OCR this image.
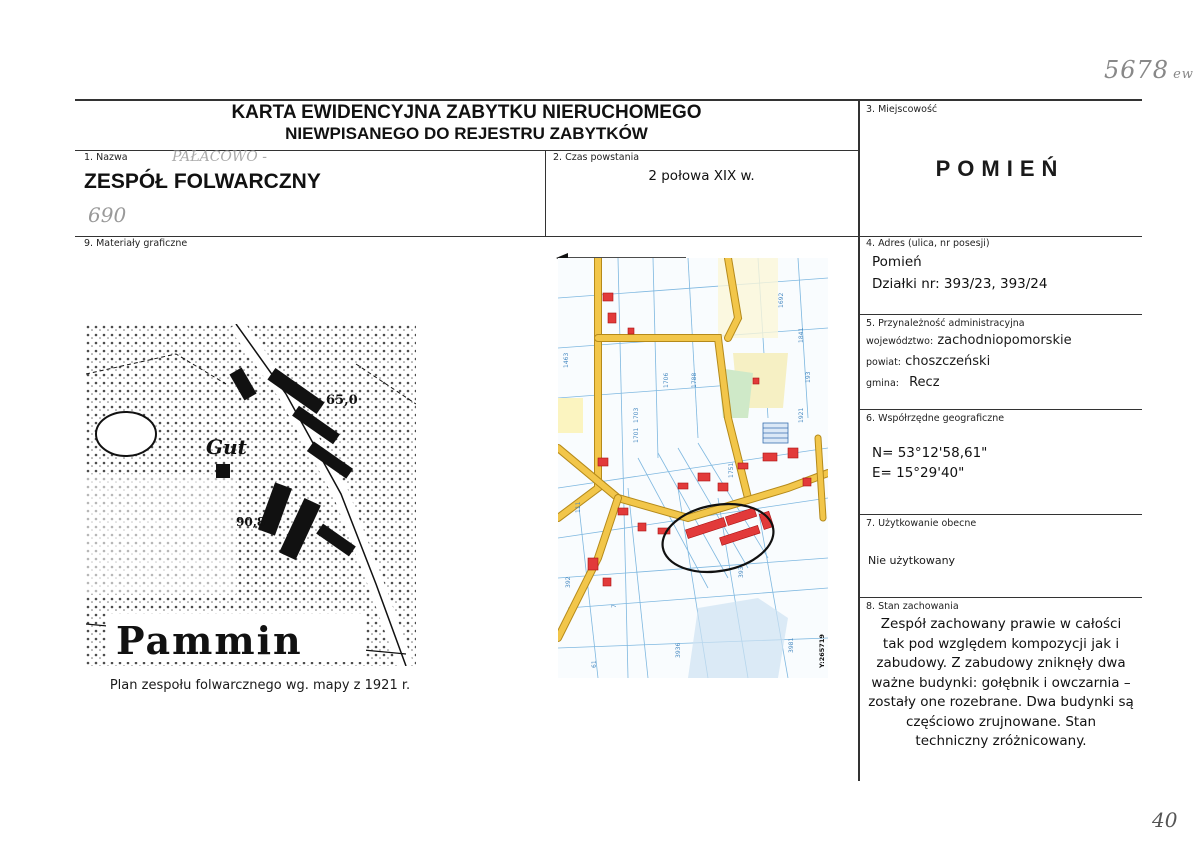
5678 ew
40
KARTA EWIDENCYJNA ZABYTKU NIERUCHOMEGO
NIEWPISANEGO DO REJESTRU ZABYTKÓW
1. Nazwa	PAŁACOWO -
ZESPÓŁ FOLWARCZNY
690
2. Czas powstania
2 połowa XIX w.
3. Miejscowość
POMIEŃ
9. Materiały graficzne	4. Adres (ulica, nr posesji)
Pomień
Działki nr: 393/23, 393/24
5. Przynależność administracyjna
województwo: zachodniopomorskie
powiat: choszczeński
gmina: Recz
6. Współrzędne geograficzne
N= 53°12'58,61"
E= 15°29'40"
7. Użytkowanie obecne
Nie użytkowany
8. Stan zachowania
Zespół zachowany prawie w całości tak pod względem kompozycji jak i zabudowy. Z zabudowy zniknęły dwa ważne budynki: gołębnik i owczarnia – zostały one rozebrane. Dwa budynki są częściowo zrujnowane. Stan techniczny zróżnicowany.
Gut
65,0
90,8
Pammin
Plan zespołu folwarcznego wg. mapy z 1921 r.
1463
1706
1703
1701
1788
1692
1841
193
1921
111
392
393
3936	3981
61
7
1751
Y:265719
